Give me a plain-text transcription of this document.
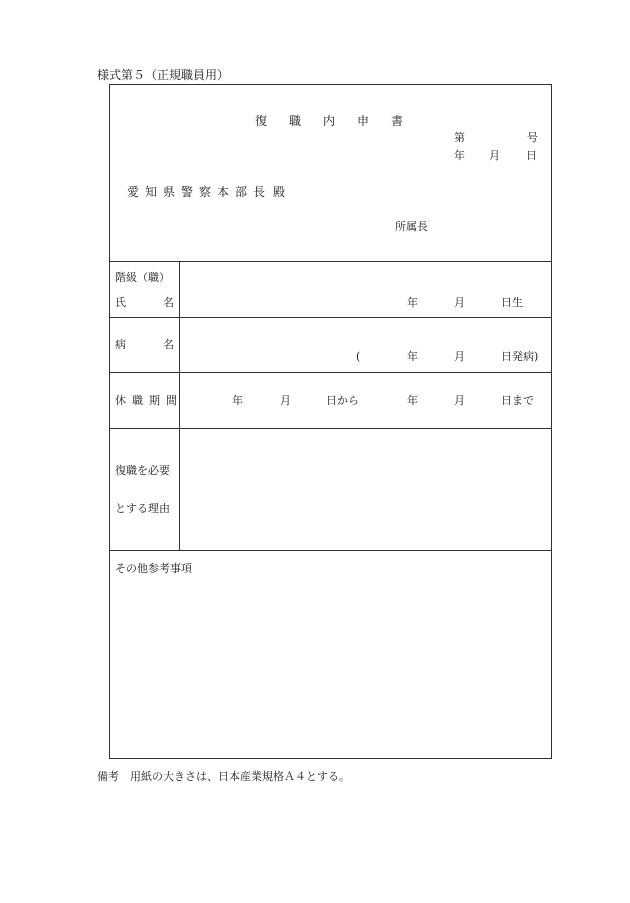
様式第５（正規職員用）
復職内申書
第	号
年 月 日
愛知県警察本部長 殿
所属長
階級（職）
氏	名	年	月	日生
病	名
(	年	月	日発病)
休職期間	年	月	日から	年	月	日まで
復職を必要
とする理由
その他参考事項
備考　用紙の大きさは、日本産業規格Ａ４とする。
